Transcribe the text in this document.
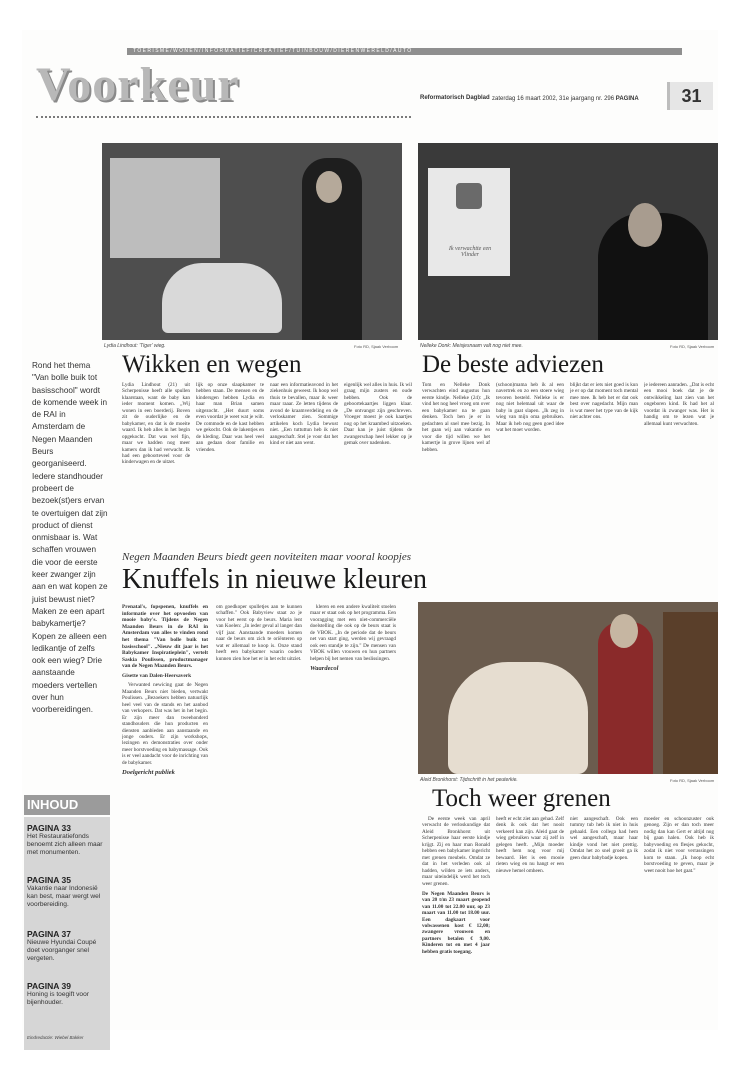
TOERISME/WONEN/INFORMATIEF/CREATIEF/TUINBOUW/DIERENWERELD/AUTO
Voorkeur	Reformatorisch Dagblad zaterdag 16 maart 2002, 31e jaargang nr. 296 PAGINA	31
Lydia Lindhout: 'Tiger' wieg.	Foto RD, Sjaak Verboom
Ik verwachtte een Vlinder
Nelleke Donk: Meisjesnaam valt nog niet mee.	Foto RD, Sjaak Verboom
Rond het thema "Van bolle buik tot basisschool" wordt de komende week in de RAI in Amsterdam de Negen Maanden Beurs georganiseerd. Iedere standhouder probeert de bezoek(st)ers ervan te overtuigen dat zijn product of dienst onmisbaar is. Wat schaffen vrouwen die voor de eerste keer zwanger zijn aan en wat kopen ze juist bewust niet? Maken ze een apart babykamertje? Kopen ze alleen een ledikantje of zelfs ook een wieg? Drie aanstaande moeders vertellen over hun voorbereidingen.
Wikken en wegen
Lydia Lindhout (21) uit Scherpenisse heeft alle spullen klaarstaan, want de baby kan ieder moment komen. „Wij wonen in een boerderij. Boven zit de ouderlijke en de babykamer, en dat is de moeite waard. Ik heb alles in het begin opgekocht. Dat was wel fijn, maar we hadden nog meer kamers dan ik had verwacht. Ik had een geboorteveel voor de kinderwagen en de uitzet.
lijk op onze slaapkamer te hebben staan. De mensen en de kindersgen hebben Lydia en haar man Brian samen uitgezocht. „Het duurt soms even voordat je weet wat je wilt. De commode en de kast hebben we gekocht. Ook de lakentjes en de kleding. Daar was heel veel aan gedaan door familie en vrienden.
naar een informatieavond in het ziekenhuis geweest. Ik hoop wel thuis te bevallen, maar ik weer maar raaar. Ze letten tijdens de avond de kraamverdeling en de verloskamer zien. Sommige artikelen koch Lydia bewust niet. „Een tuttuttun heb ik niet aangeschaft. Stel je voor dat het kind er niet aan went.
eigenlijk wel alles in huis. Ik wil graag mijn zusters en oude hebben. Ook de geboortekaartjes liggen klaar. „De ontvangst zijn geschreven. Vroeger moest je ook kaartjes nog op het kraambed uitzoeken. Daar kan je juist tijdens de zwangerschap heel lekker op je gemak over nadenken.
De beste adviezen
Tom en Nelleke Donk verwachten eind augustus hun eerste kindje. Nelleke (24): „Ik vind het nog heel vroeg om over een babykamer na te gaan denken. Toch ben je er in gedachten al snel mee bezig. In het gaan wij aan vakantie en voor die tijd willen we het kamertje in grove lijnen wel af hebben.
(schoon)mama heb ik al een navertrek en zo een stoere wieg tevoren besteld. Nelleke is er nog niet helemaal uit waar de baby in gaat slapen. „Ik zeg in wieg van mijn oma gebruiken. Maar ik heb nog geen goed idee wat het moet worden.
blijkt dat er iets niet goed is kun je er op dat moment toch mental mee mee. Ik heb het er dat ook best over nagedacht. Mijn man is wat meer het type van de kijk niet achter ons.
je iedereen aanraden. „Dat is echt een mooi boek dat je de ontwikkeling laat zien van het ongeboren kind. Ik had het al voordat ik zwanger was. Het is handig om te lezen wat je allemaal kunt verwachten.
Negen Maanden Beurs biedt geen noviteiten maar vooral koopjes
Knuffels in nieuwe kleuren

Prenatal's, fopspenen, knuffels en informatie over het opvoeden van mooie baby's. Tijdens de Negen Maanden Beurs in de RAI in Amsterdam van alles te vinden rond het thema "Van bolle buik tot basisschool". „Nieuw dit jaar is het Babykamer Inspiratieplein", vertelt Saskia Poulissen, productmanager van de Negen Maanden Beurs.

Gisette van Dalen-Heersaverk

Verwanted newicing gaat de Negen Maanden Beurs niet bieden, vertwakt Poulissen. „Bezoekers hebben natuurlijk heel veel van de stands en het aanbod van verkopers. Dat was het in het begin. Er zijn meer dan tweehonderd standhouders die hun producten en diensten aanbieden aan aanstaande en jonge ouders. Er zijn workshops, lezingen en demonstraties over onder meer borstvoeding en babymassage. Ook is er veel aandacht voor de inrichting van de babykamer.

Doelgericht publiek

om goedkoper spulletjes aan te kunnen schaffen." Ook Babyview staat zo je voor het eerst op de beurs. Maria lent van Koelen: „In ieder geval al langer dan vijf jaar. Aanstaande moeders komen naar de beurs om zich te oriënteren op wat er allemaal te koop is. Onze stand heeft een babykamer waarin ouders kunnen zien hoe het er in het echt uitziet.

kleren en een andere kwaliteit stoelen maar er staat ook op het programma. Een vooragging met een niet-commerciële doelstelling die ook op de beurs staat is de VBOK. „In de periode dat de beurs net van start ging, werden wij gevraagd ook een standje te zijn." De mensen van VBOK willen vrouwen en hun partners helpen bij het nemen van beslissingen.

Waardecol

Aleid Bronkhorst: Tijdschrift in het peuterkie.	Foto RD, Sjaak Verboom
Toch weer grenen

De eerste week van april verwacht de verloskundige dat Aleid Bronkhorst uit Scherpenisse haar eerste kindje krijgt. Zij en haar man Ronald hebben een babykamer ingericht met grenen meubels. Omdat ze dat in het verleden ook al hadden, wilden ze iets anders, maar uiteindelijk werd het toch weer grenen.

De Negen Maanden Beurs is van 20 t/m 23 maart geopend van 11.00 tot 22.00 uur, op 23 maart van 11.00 tot 18.00 uur. Een dagkaart voor volwassenen kost € 12,00; zwangere vrouwen en partners betalen € 9,00. Kinderen tot en met 4 jaar hebben gratis toegang.

heeft er echt ziet aan gehad. Zelf denk ik ook dat het nooit verkeerd kan zijn. Aleid gaat de wieg gebruiken waar zij zelf in gelegen heeft. „Mijn moeder heeft hem nog voor mij bewaard. Het is een mooie rieten wieg en nu hangt er een nieuwe hemel omheen.
niet aangeschaft. Ook een tummy tub heb ik niet in huis gehaald. Een collega had hem wel aangeschaft, maar haar kindje vond het niet prettig. Omdat het zo snel groeit ga ik geen duur babybadje kopen.
moeder en schoonzuster ook genoeg. Zijn er dan toch meer nodig dan kan Gert er altijd nog bij gaan halen. Ook heb ik babyvoeding en flesjes gekocht, zodat ik niet voor verrassingen kom te staan. „Ik hoop echt borstvoeding te geven, maar je weet nooit hoe het gaat."
INHOUD
PAGINA 33
Het Restauratiefonds benoemt zich alleen maar met monumenten.
PAGINA 35
Vakantie naar Indonesië kan best, maar wergt wel voorbereiding.
PAGINA 37
Nieuwe Hyundai Coupé doet voorganger snel vergeten.
PAGINA 39
Honing is toegift voor bijenhouder.
Eindredactie: Wiebel Bakker
